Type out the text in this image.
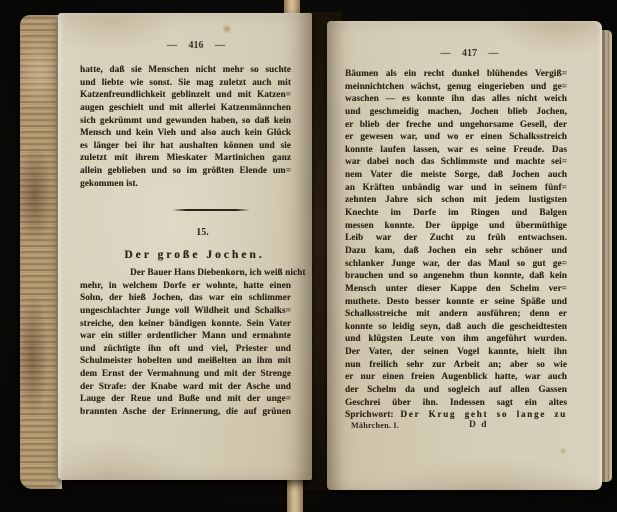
— 416 —
hatte, daß sie Menschen nicht mehr so suchte
und liebte wie sonst. Sie mag zuletzt auch mit
Katzenfreundlichkeit geblinzelt und mit Katzen=
augen geschielt und mit allerlei Katzenmännchen
sich gekrümmt und gewunden haben, so daß kein
Mensch und kein Vieh und also auch kein Glück
es länger bei ihr hat aushalten können und sie
zuletzt mit ihrem Mieskater Martinichen ganz
allein geblieben und so im größten Elende um=
gekommen ist.
15.
Der große Jochen.
Der Bauer Hans Diebenkorn, ich weiß nicht
mehr, in welchem Dorfe er wohnte, hatte einen
Sohn, der hieß Jochen, das war ein schlimmer
ungeschlachter Junge voll Wildheit und Schalks=
streiche, den keiner bändigen konnte. Sein Vater
war ein stiller ordentlicher Mann und ermahnte
und züchtigte ihn oft und viel, Priester und
Schulmeister hobelten und meißelten an ihm mit
dem Ernst der Vermahnung und mit der Strenge
der Strafe: der Knabe ward mit der Asche und
Lauge der Reue und Buße und mit der unge=
brannten Asche der Erinnerung, die auf grünen
— 417 —
Bäumen als ein recht dunkel blühendes Vergiß=
meinnichtchen wächst, genug eingerieben und ge=
waschen — es konnte ihn das alles nicht weich
und geschmeidig machen, Jochen blieb Jochen,
er blieb der freche und ungehorsame Gesell, der
er gewesen war, und wo er einen Schalksstreich
konnte laufen lassen, war es seine Freude. Das
war dabei noch das Schlimmste und machte sei=
nem Vater die meiste Sorge, daß Jochen auch
an Kräften unbändig war und in seinem fünf=
zehnten Jahre sich schon mit jedem lustigsten
Knechte im Dorfe im Ringen und Balgen
messen konnte. Der üppige und übermüthige
Leib war der Zucht zu früh entwachsen.
Dazu kam, daß Jochen ein sehr schöner und
schlanker Junge war, der das Maul so gut ge=
brauchen und so angenehm thun konnte, daß kein
Mensch unter dieser Kappe den Schelm ver=
muthete. Desto besser konnte er seine Späße und
Schalksstreiche mit andern ausführen; denn er
konnte so leidig seyn, daß auch die gescheidtesten
und klügsten Leute von ihm angeführt wurden.
Der Vater, der seinen Vogel kannte, hielt ihn
nun freilich sehr zur Arbeit an; aber so wie
er nur einen freien Augenblick hatte, war auch
der Schelm da und sogleich auf allen Gassen
Geschrei über ihn. Indessen sagt ein altes
Sprichwort: Der Krug geht so lange zu
Mährchen. I.	D d
